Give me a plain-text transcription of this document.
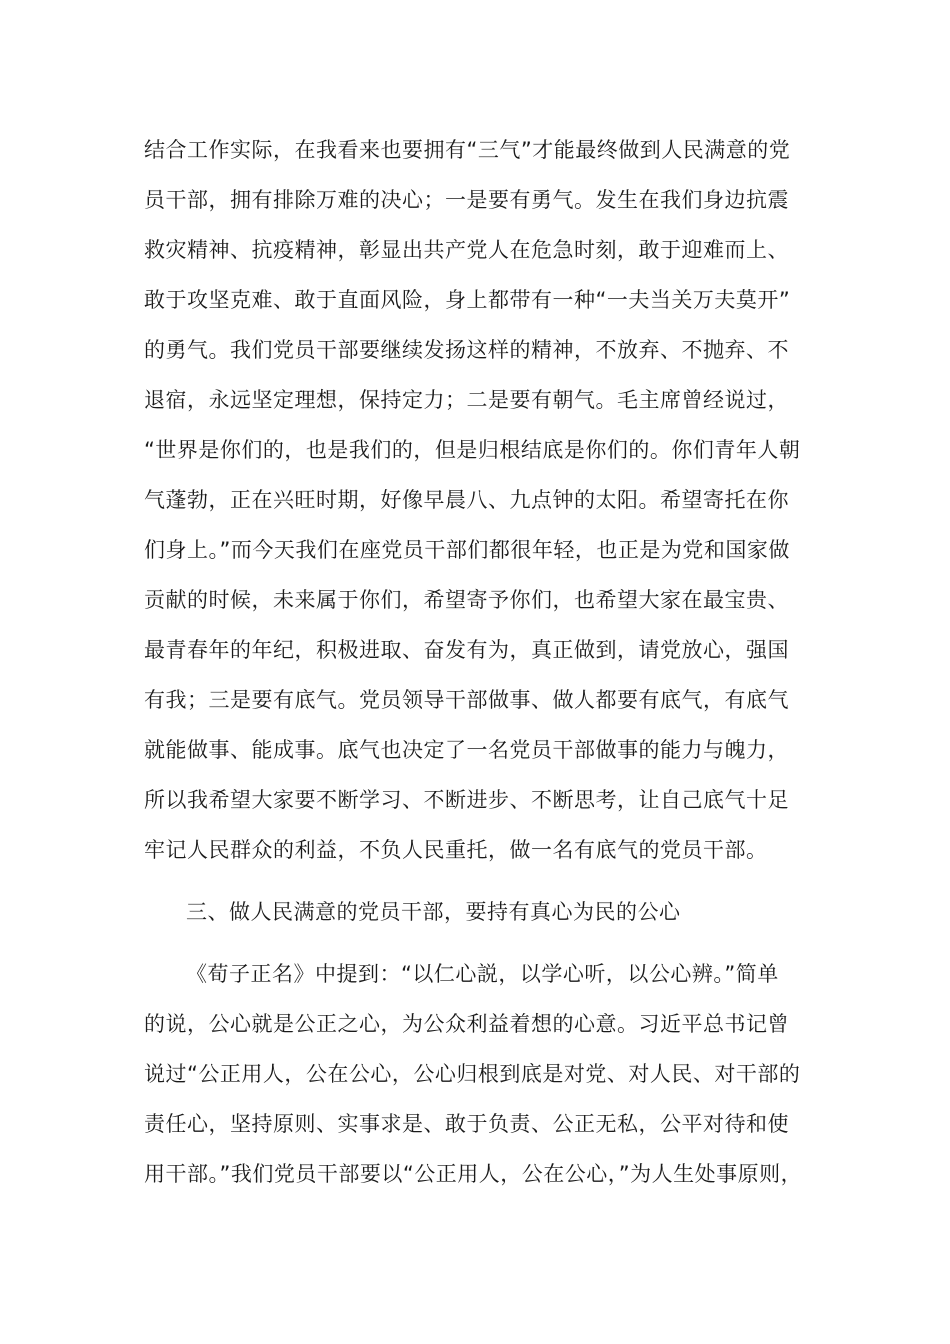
结合工作实际，在我看来也要拥有“三气”才能最终做到人民满意的党
员干部，拥有排除万难的决心；一是要有勇气。发生在我们身边抗震
救灾精神、抗疫精神，彰显出共产党人在危急时刻，敢于迎难而上、
敢于攻坚克难、敢于直面风险，身上都带有一种“一夫当关万夫莫开”
的勇气。我们党员干部要继续发扬这样的精神，不放弃、不抛弃、不
退宿，永远坚定理想，保持定力；二是要有朝气。毛主席曾经说过，
“世界是你们的，也是我们的，但是归根结底是你们的。你们青年人朝
气蓬勃，正在兴旺时期，好像早晨八、九点钟的太阳。希望寄托在你
们身上。”而今天我们在座党员干部们都很年轻，也正是为党和国家做
贡献的时候，未来属于你们，希望寄予你们，也希望大家在最宝贵、
最青春年的年纪，积极进取、奋发有为，真正做到，请党放心，强国
有我；三是要有底气。党员领导干部做事、做人都要有底气，有底气
就能做事、能成事。底气也决定了一名党员干部做事的能力与魄力，
所以我希望大家要不断学习、不断进步、不断思考，让自己底气十足
牢记人民群众的利益，不负人民重托，做一名有底气的党员干部。
三、做人民满意的党员干部，要持有真心为民的公心
《荀子正名》中提到：“以仁心説，以学心听，以公心辨。”简单
的说，公心就是公正之心，为公众利益着想的心意。习近平总书记曾
说过“公正用人，公在公心，公心归根到底是对党、对人民、对干部的
责任心，坚持原则、实事求是、敢于负责、公正无私，公平对待和使
用干部。”我们党员干部要以“公正用人，公在公心，”为人生处事原则，
